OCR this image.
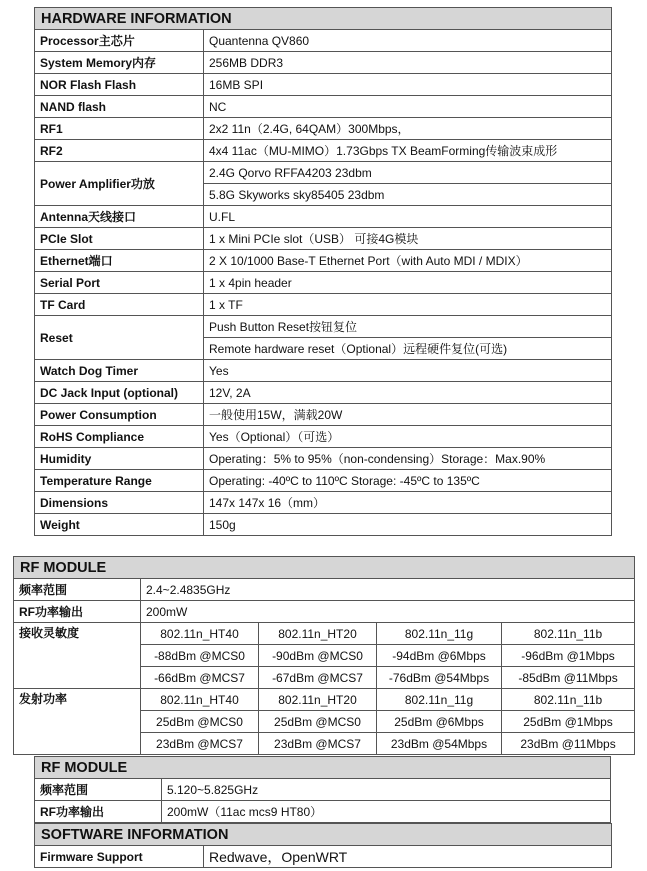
HARDWARE INFORMATION	
Processor主芯片	Quantenna QV860
System Memory内存	256MB DDR3
NOR Flash Flash	16MB SPI
NAND flash	NC
RF1	2x2 11n（2.4G, 64QAM）300Mbps，
RF2	4x4 11ac（MU-MIMO）1.73Gbps TX BeamForming传输波束成形
Power Amplifier功放	2.4G Qorvo RFFA4203 23dbm
	5.8G Skyworks sky85405 23dbm
Antenna天线接口	U.FL
PCIe Slot	1 x Mini PCIe slot（USB） 可接4G模块
Ethernet端口	2 X 10/1000 Base-T Ethernet Port（with Auto MDI / MDIX）
Serial Port	1 x 4pin header
TF Card	1 x TF
Reset	Push Button Reset按钮复位
	Remote hardware reset（Optional）远程硬件复位(可选)
Watch Dog Timer	Yes
DC Jack Input (optional)	12V, 2A
Power Consumption	一般使用15W，满载20W
RoHS Compliance	Yes（Optional）（可选）
Humidity	Operating：5% to 95%（non-condensing）Storage：Max.90%
Temperature Range	Operating: -40ºC to 110ºC Storage: -45ºC to 135ºC
Dimensions	147x 147x 16（mm）
Weight	150g
RF MODULE				
频率范围	2.4~2.4835GHz			
RF功率输出	200mW			
接收灵敏度	802.11n_HT40	802.11n_HT20	802.11n_11g	802.11n_11b
	-88dBm @MCS0	-90dBm @MCS0	-94dBm @6Mbps	-96dBm @1Mbps
	-66dBm @MCS7	-67dBm @MCS7	-76dBm @54Mbps	-85dBm @11Mbps
发射功率	802.11n_HT40	802.11n_HT20	802.11n_11g	802.11n_11b
	25dBm @MCS0	25dBm @MCS0	25dBm @6Mbps	25dBm @1Mbps
	23dBm @MCS7	23dBm @MCS7	23dBm @54Mbps	23dBm @11Mbps
RF MODULE	
频率范围	5.120~5.825GHz
RF功率输出	200mW（11ac mcs9 HT80）
SOFTWARE INFORMATION
Firmware Support	Redwave，OpenWRT
